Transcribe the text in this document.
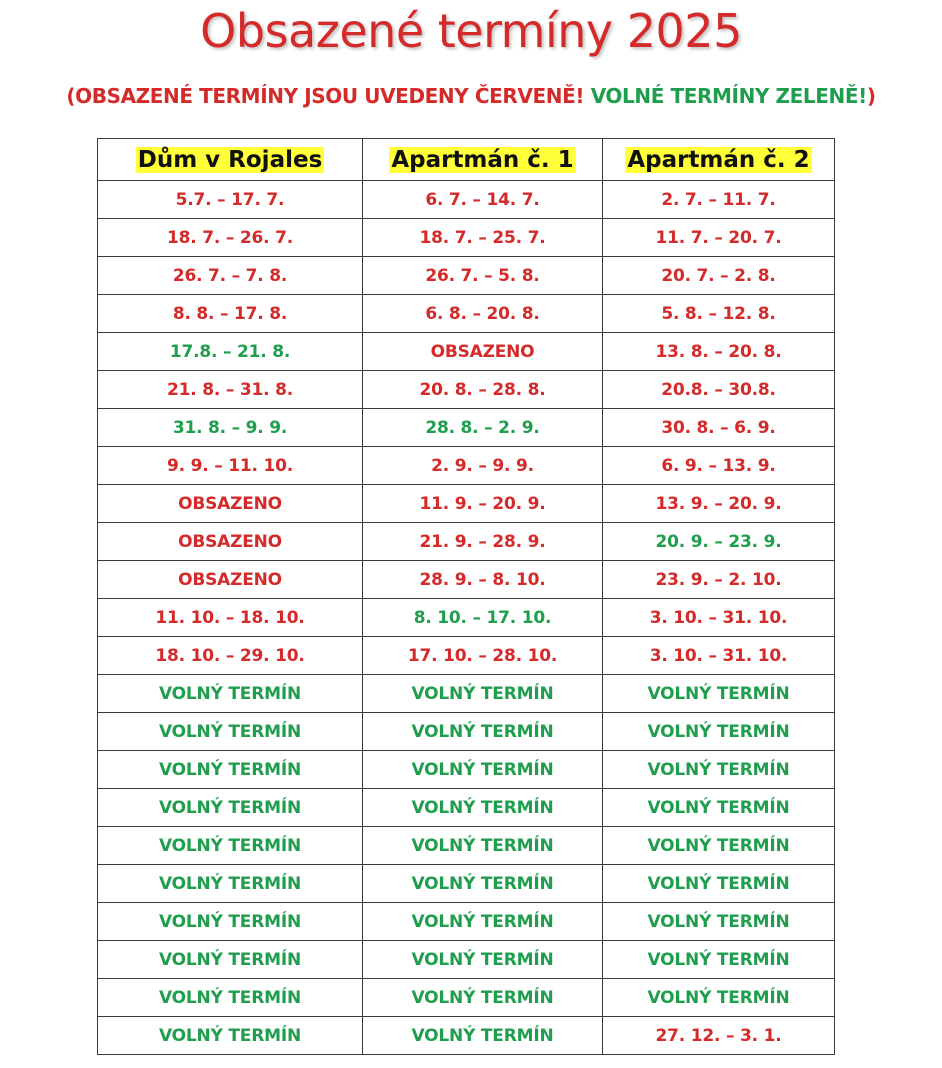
Obsazené termíny 2025
(OBSAZENÉ TERMÍNY JSOU UVEDENY ČERVENĚ! VOLNÉ TERMÍNY ZELENĚ!)
Dům v Rojales	Apartmán č. 1	Apartmán č. 2
5.7. – 17. 7.	6. 7. – 14. 7.	2. 7. – 11. 7.
18. 7. – 26. 7.	18. 7. – 25. 7.	11. 7. – 20. 7.
26. 7. – 7. 8.	26. 7. – 5. 8.	20. 7. – 2. 8.
8. 8. – 17. 8.	6. 8. – 20. 8.	5. 8. – 12. 8.
17.8. – 21. 8.	OBSAZENO	13. 8. – 20. 8.
21. 8. – 31. 8.	20. 8. – 28. 8.	20.8. – 30.8.
31. 8. – 9. 9.	28. 8. – 2. 9.	30. 8. – 6. 9.
9. 9. – 11. 10.	2. 9. – 9. 9.	6. 9. – 13. 9.
OBSAZENO	11. 9. – 20. 9.	13. 9. – 20. 9.
OBSAZENO	21. 9. – 28. 9.	20. 9. – 23. 9.
OBSAZENO	28. 9. – 8. 10.	23. 9. – 2. 10.
11. 10. – 18. 10.	8. 10. – 17. 10.	3. 10. – 31. 10.
18. 10. – 29. 10.	17. 10. – 28. 10.	3. 10. – 31. 10.
VOLNÝ TERMÍN	VOLNÝ TERMÍN	VOLNÝ TERMÍN
VOLNÝ TERMÍN	VOLNÝ TERMÍN	VOLNÝ TERMÍN
VOLNÝ TERMÍN	VOLNÝ TERMÍN	VOLNÝ TERMÍN
VOLNÝ TERMÍN	VOLNÝ TERMÍN	VOLNÝ TERMÍN
VOLNÝ TERMÍN	VOLNÝ TERMÍN	VOLNÝ TERMÍN
VOLNÝ TERMÍN	VOLNÝ TERMÍN	VOLNÝ TERMÍN
VOLNÝ TERMÍN	VOLNÝ TERMÍN	VOLNÝ TERMÍN
VOLNÝ TERMÍN	VOLNÝ TERMÍN	VOLNÝ TERMÍN
VOLNÝ TERMÍN	VOLNÝ TERMÍN	VOLNÝ TERMÍN
VOLNÝ TERMÍN	VOLNÝ TERMÍN	27. 12. – 3. 1.
